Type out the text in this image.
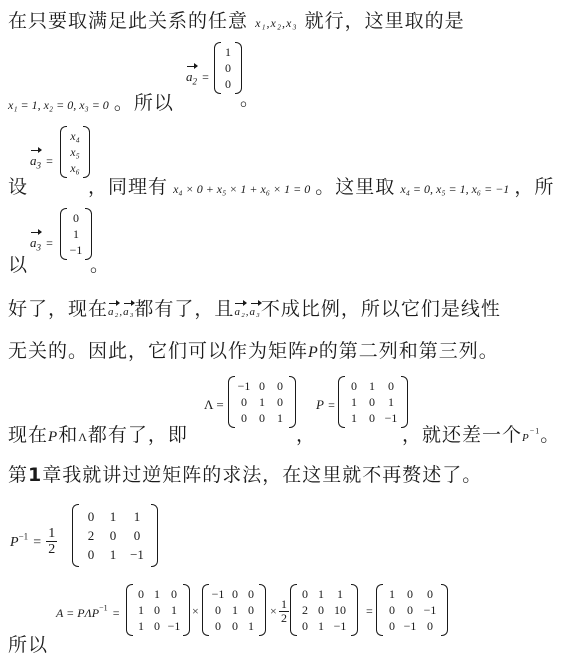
在只要取满足此关系的任意 x₁,x₂,x₃ 就行，这里取的是
x₁ = 1, x₂ = 0, x₃ = 0 。所以
$a_2$ =
1
0
0
。
$a_3$ =
x₄
x₅
x₆
设	，同理有 x₄ × 0 + x₅ × 1 + x₆ × 1 = 0 。这里取 x₄ = 0, x₅ = 1, x₆ = −1 ，所
以
$a_3$ =
0
1
−1
。
好了，现在a₂,a₃都有了，且a₂,a₃不成比例，所以它们是线性
无关的。因此，它们可以作为矩阵P的第二列和第三列。
Λ =
−1 0	0
0	1	0
0	0	1
，
P =
0	1	0
1	0	1
1	0 −1
现在P和Λ都有了，即	，就还差一个$P^{-1}$。
第1章我就讲过逆矩阵的求法，在这里就不再赘述了。
$P^{-1} = \frac{1}{2}$
0	1	1
2	0	0
0	1	−1
$A = P\Lambda P^{-1}$ =
0 1 0
1 0 1
1 0 −1
×
−1 0 0
0 1 0
0 0 1
× $\frac{1}{2}$
0 1	1
2 0 10
0 1 −1
=
1	0	0
0	0 −1
0 −1 0
所以
